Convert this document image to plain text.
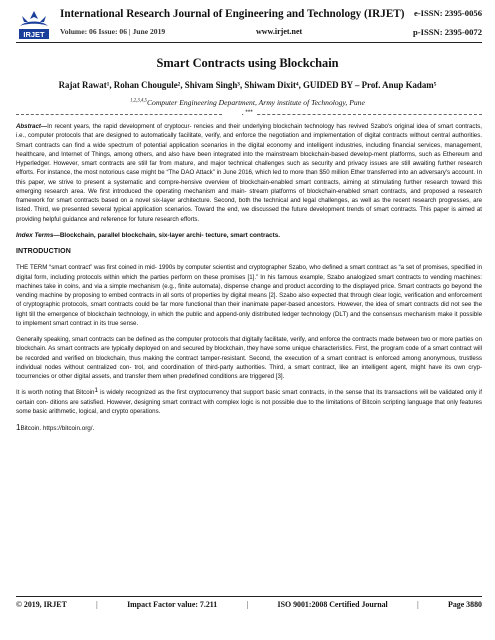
IRJET
International Research Journal of Engineering and Technology (IRJET) e-ISSN: 2395-0056
Volume: 06 Issue: 06 | June 2019	www.irjet.net	p-ISSN: 2395-0072
Smart Contracts using Blockchain
Rajat Rawat¹, Rohan Chougule², Shivam Singh³, Shiwam Dixit⁴, GUIDED BY – Prof. Anup Kadam⁵
$^{1,2,3,4,5}$Computer Engineering Department, Army institute of Technology, Pune
***

Abstract—In recent years, the rapid development of cryptocur- rencies and their underlying blockchain technology has revived Szabo's original idea of smart contracts, i.e., computer protocols that are designed to automatically facilitate, verify, and enforce the negotiation and implementation of digital contracts without central authorities. Smart contracts can find a wide spectrum of potential application scenarios in the digital economy and intelligent industries, including financial services, management, healthcare, and Internet of Things, among others, and also have been integrated into the mainstream blockchain-based develop-ment platforms, such as Ethereum and Hyperledger. However, smart contracts are still far from mature, and major technical challenges such as security and privacy issues are still awaiting further research efforts. For instance, the most notorious case might be “The DAO Attack” in June 2016, which led to more than $50 million Ether transferred into an adversary's account. In this paper, we strive to present a systematic and compre-hensive overview of blockchain-enabled smart contracts, aiming at stimulating further research toward this emerging research area. We first introduced the operating mechanism and main- stream platforms of blockchain-enabled smart contracts, and proposed a research framework for smart contracts based on a novel six-layer architecture. Second, both the technical and legal challenges, as well as the recent research progresses, are listed. Third, we presented several typical application scenarios. Toward the end, we discussed the future development trends of smart contracts. This paper is aimed at providing helpful guidance and reference for future research efforts.

Index Terms—Blockchain, parallel blockchain, six-layer archi- tecture, smart contracts.

INTRODUCTION

THE TERM “smart contract” was first coined in mid- 1990s by computer scientist and cryptographer Szabo, who defined a smart contract as “a set of promises, specified in digital form, including protocols within which the parties perform on these promises [1].” In his famous example, Szabo analogized smart contracts to vending machines: machines take in coins, and via a simple mechanism (e.g., finite automata), dispense change and product according to the displayed price. Smart contracts go beyond the vending machine by proposing to embed contracts in all sorts of properties by digital means [2]. Szabo also expected that through clear logic, verification and enforcement of cryptographic protocols, smart contracts could be far more functional than their inanimate paper-based ancestors. However, the idea of smart contracts did not see the light till the emergence of blockchain technology, in which the public and append-only distributed ledger technology (DLT) and the consensus mechanism make it possible to implement smart contract in its true sense.

Generally speaking, smart contracts can be defined as the computer protocols that digitally facilitate, verify, and enforce the contracts made between two or more parties on blockchain. As smart contracts are typically deployed on and secured by blockchain, they have some unique characteristics. First, the program code of a smart contract will be recorded and verified on blockchain, thus making the contract tamper-resistant. Second, the execution of a smart contract is enforced among anonymous, trustless individual nodes without centralized con- trol, and coordination of third-party authorities. Third, a smart contract, like an intelligent agent, might have its own cryp- tocurrencies or other digital assets, and transfer them when predefined conditions are triggered [3].

It is worth noting that Bitcoin$^1$ is widely recognized as the first cryptocurrency that support basic smart contracts, in the sense that its transactions will be validated only if certain con- ditions are satisfied. However, designing smart contract with complex logic is not possible due to the limitations of Bitcoin scripting language that only features some basic arithmetic, logical, and crypto operations.

1Bitcoin. https://bitcoin.org/.

© 2019, IRJET	|	Impact Factor value: 7.211	|	ISO 9001:2008 Certified Journal	|	Page 3880
